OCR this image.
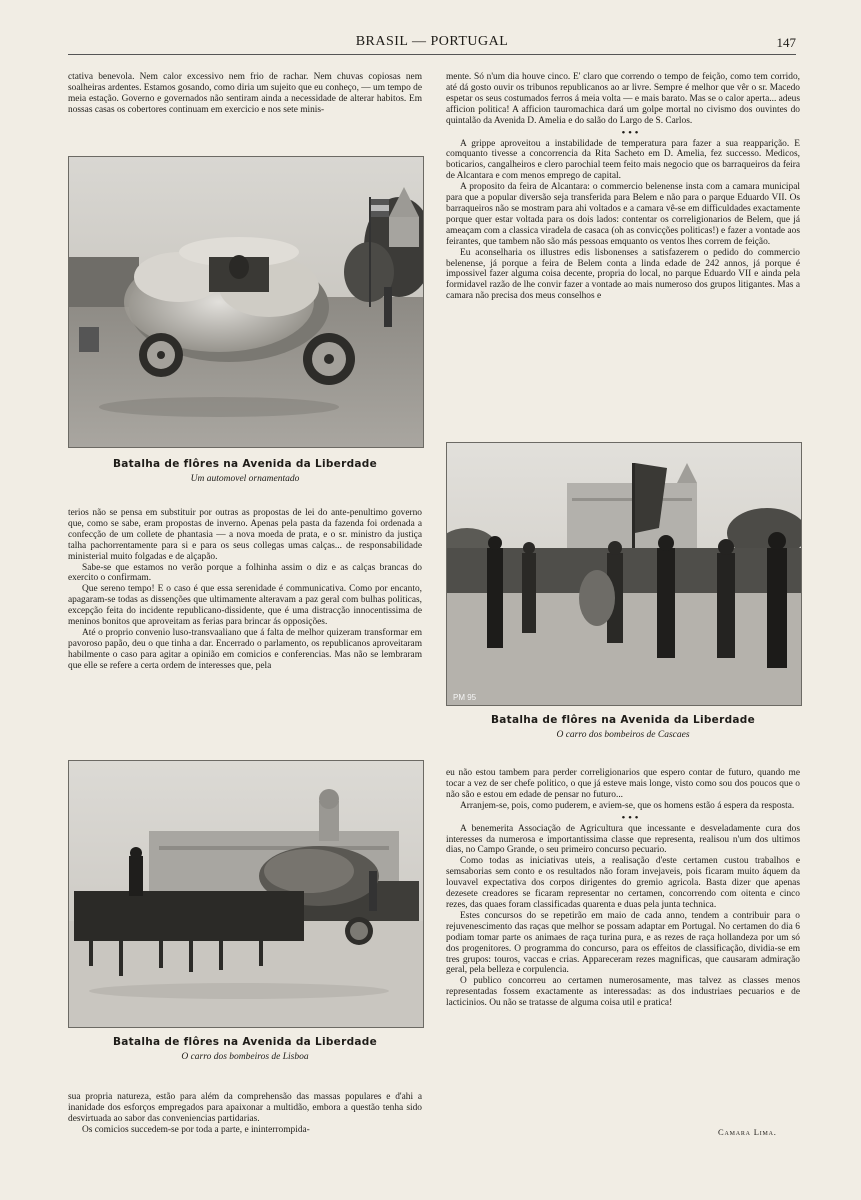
BRASIL — PORTUGAL	147

ctativa benevola. Nem calor excessivo nem frio de rachar. Nem chuvas copiosas nem soalheiras ardentes. Estamos gosando, como diria um sujeito que eu conheço, — um tempo de meia estação. Governo e governados não sentiram ainda a necessidade de alterar habitos. Em nossas casas os cobertores continuam em exercicio e nos sete minis-

Batalha de flôres na Avenida da Liberdade
Um automovel ornamentado

terios não se pensa em substituir por outras as propostas de lei do ante-penultimo governo que, como se sabe, eram propostas de inverno. Apenas pela pasta da fazenda foi ordenada a confecção de um collete de phantasia — a nova moeda de prata, e o sr. ministro da justiça talha pachorrentamente para si e para os seus collegas umas calças... de responsabilidade ministerial muito folgadas e de alçapão.

Sabe-se que estamos no verão porque a folhinha assim o diz e as calças brancas do exercito o confirmam.

Que sereno tempo! E o caso é que essa serenidade é communicativa. Como por encanto, apagaram-se todas as dissenções que ultimamente alteravam a paz geral com bulhas politicas, excepção feita do incidente republicano-dissidente, que é uma distracção innocentissima de meninos bonitos que aproveitam as ferias para brincar ás opposições.

Até o proprio convenio luso-transvaaliano que á falta de melhor quizeram transformar em pavoroso papão, deu o que tinha a dar. Encerrado o parlamento, os republicanos aproveitaram habilmente o caso para agitar a opinião em comicios e conferencias. Mas não se lembraram que elle se refere a certa ordem de interesses que, pela

Batalha de flôres na Avenida da Liberdade
O carro dos bombeiros de Lisboa

sua propria natureza, estão para além da comprehensão das massas populares e d'ahi a inanidade dos esforços empregados para apaixonar a multidão, embora a questão tenha sido desvirtuada ao sabor das conveniencias partidarias.

Os comicios succedem-se por toda a parte, e ininterrompida-

mente. Só n'um dia houve cinco. E' claro que correndo o tempo de feição, como tem corrido, até dá gosto ouvir os tribunos republicanos ao ar livre. Sempre é melhor que vêr o sr. Macedo espetar os seus costumados ferros á meia volta — e mais barato. Mas se o calor aperta... adeus afficion politica! A afficion tauromachica dará um golpe mortal no civismo dos ouvintes do quintalão da Avenida D. Amelia e do salão do Largo de S. Carlos.

• • •

A grippe aproveitou a instabilidade de temperatura para fazer a sua reapparição. E comquanto tivesse a concorrencia da Rita Sacheto em D. Amelia, fez successo. Medicos, boticarios, cangalheiros e clero parochial teem feito mais negocio que os barraqueiros da feira de Alcantara e com menos emprego de capital.

A proposito da feira de Alcantara: o commercio belenense insta com a camara municipal para que a popular diversão seja transferida para Belem e não para o parque Eduardo VII. Os barraqueiros não se mostram para ahi voltados e a camara vê-se em difficuldades exactamente porque quer estar voltada para os dois lados: contentar os correligionarios de Belem, que já ameaçam com a classica viradela de casaca (oh as convicções politicas!) e fazer a vontade aos feirantes, que tambem não são más pessoas emquanto os ventos lhes correm de feição.

Eu aconselharia os illustres edis lisbonenses a satisfazerem o pedido do commercio belenense, já porque a feira de Belem conta a linda edade de 242 annos, já porque é impossivel fazer alguma coisa decente, propria do local, no parque Eduardo VII e ainda pela formidavel razão de lhe convir fazer a vontade ao mais numeroso dos grupos litigantes. Mas a camara não precisa dos meus conselhos e

PM 95
Batalha de flôres na Avenida da Liberdade
O carro dos bombeiros de Cascaes

eu não estou tambem para perder correligionarios que espero contar de futuro, quando me tocar a vez de ser chefe politico, o que já esteve mais longe, visto como sou dos poucos que o não são e estou em edade de pensar no futuro...

Arranjem-se, pois, como puderem, e aviem-se, que os homens estão á espera da resposta.

• • •

A benemerita Associação de Agricultura que incessante e desveladamente cura dos interesses da numerosa e importantissima classe que representa, realisou n'um dos ultimos dias, no Campo Grande, o seu primeiro concurso pecuario.

Como todas as iniciativas uteis, a realisação d'este certamen custou trabalhos e semsaborias sem conto e os resultados não foram invejaveis, pois ficaram muito áquem da louvavel expectativa dos corpos dirigentes do gremio agricola. Basta dizer que apenas dezesete creadores se ficaram representar no certamen, concorrendo com oitenta e cinco rezes, das quaes foram classificadas quarenta e duas pela junta technica.

Estes concursos do se repetirão em maio de cada anno, tendem a contribuir para o rejuvenescimento das raças que melhor se possam adaptar em Portugal. No certamen do dia 6 podiam tomar parte os animaes de raça turina pura, e as rezes de raça hollandeza por um só dos progenitores. O programma do concurso, para os effeitos de classificação, dividia-se em tres grupos: touros, vaccas e crias. Appareceram rezes magnificas, que causaram admiração geral, pela belleza e corpulencia.

O publico concorreu ao certamen numerosamente, mas talvez as classes menos representadas fossem exactamente as interessadas: as dos industriaes pecuarios e de lacticinios. Ou não se tratasse de alguma coisa util e pratica!

Camara Lima.
